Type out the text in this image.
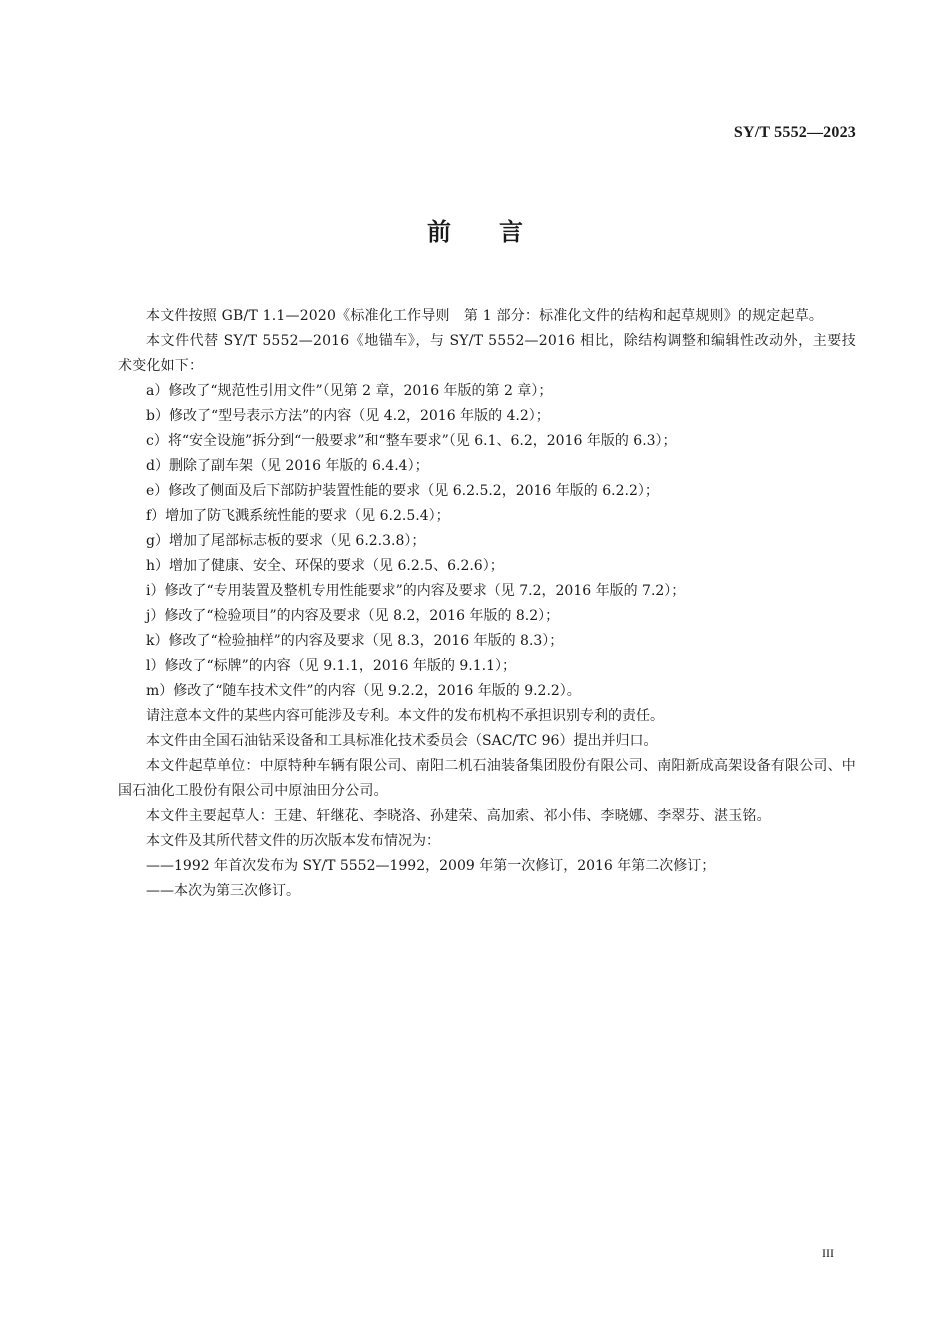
SY/T 5552—2023
前言

本文件按照 GB/T 1.1—2020《标准化工作导则　第 1 部分：标准化文件的结构和起草规则》的规定起草。

本文件代替 SY/T 5552—2016《地锚车》，与 SY/T 5552—2016 相比，除结构调整和编辑性改动外，主要技术变化如下：

a）修改了“规范性引用文件”（见第 2 章，2016 年版的第 2 章）；

b）修改了“型号表示方法”的内容（见 4.2，2016 年版的 4.2）；

c）将“安全设施”拆分到“一般要求”和“整车要求”（见 6.1、6.2，2016 年版的 6.3）；

d）删除了副车架（见 2016 年版的 6.4.4）；

e）修改了侧面及后下部防护装置性能的要求（见 6.2.5.2，2016 年版的 6.2.2）；

f）增加了防飞溅系统性能的要求（见 6.2.5.4）；

g）增加了尾部标志板的要求（见 6.2.3.8）；

h）增加了健康、安全、环保的要求（见 6.2.5、6.2.6）；

i）修改了“专用装置及整机专用性能要求”的内容及要求（见 7.2，2016 年版的 7.2）；

j）修改了“检验项目”的内容及要求（见 8.2，2016 年版的 8.2）；

k）修改了“检验抽样”的内容及要求（见 8.3，2016 年版的 8.3）；

l）修改了“标牌”的内容（见 9.1.1，2016 年版的 9.1.1）；

m）修改了“随车技术文件”的内容（见 9.2.2，2016 年版的 9.2.2）。

请注意本文件的某些内容可能涉及专利。本文件的发布机构不承担识别专利的责任。

本文件由全国石油钻采设备和工具标准化技术委员会（SAC/TC 96）提出并归口。

本文件起草单位：中原特种车辆有限公司、南阳二机石油装备集团股份有限公司、南阳新成高架设备有限公司、中国石油化工股份有限公司中原油田分公司。

本文件主要起草人：王建、轩继花、李晓洛、孙建荣、高加索、祁小伟、李晓娜、李翠芬、湛玉铭。

本文件及其所代替文件的历次版本发布情况为：

——1992 年首次发布为 SY/T 5552—1992，2009 年第一次修订，2016 年第二次修订；

——本次为第三次修订。

III
